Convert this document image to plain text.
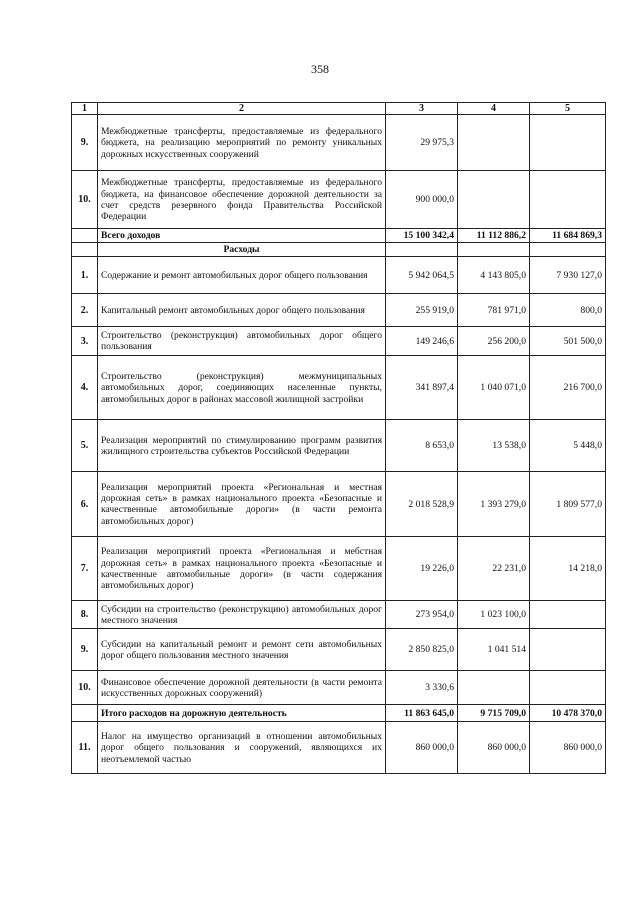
358
1	2	3	4	5
9.	Межбюджетные трансферты, предоставляемые из федерального бюджета, на реализацию мероприятий по ремонту уникальных дорожных искусственных сооружений	29 975,3		
10.	Межбюджетные трансферты, предоставляемые из федерального бюджета, на финансовое обеспечение дорожной деятельности за счет средств резервного фонда Правительства Российской Федерации	900 000,0		
	Всего доходов	15 100 342,4	11 112 886,2	11 684 869,3
	Расходы			
1.	Содержание и ремонт автомобильных дорог общего пользования	5 942 064,5	4 143 805,0	7 930 127,0
2.	Капитальный ремонт автомобильных дорог общего пользования	255 919,0	781 971,0	800,0
3.	Строительство (реконструкция) автомобильных дорог общего пользования	149 246,6	256 200,0	501 500,0
4.	Строительство (реконструкция) межмуниципальных автомобильных дорог, соединяющих населенные пункты, автомобильных дорог в районах массовой жилищной застройки	341 897,4	1 040 071,0	216 700,0
5.	Реализация мероприятий по стимулированию программ развития жилищного строительства субъектов Российской Федерации	8 653,0	13 538,0	5 448,0
6.	Реализация мероприятий проекта «Региональная и местная дорожная сеть» в рамках национального проекта «Безопасные и качественные автомобильные дороги» (в части ремонта автомобильных дорог)	2 018 528,9	1 393 279,0	1 809 577,0
7.	Реализация мероприятий проекта «Региональная и мебстная дорожная сеть» в рамках национального проекта «Безопасные и качественные автомобильные дороги» (в части содержания автомобильных дорог)	19 226,0	22 231,0	14 218,0
8.	Субсидии на строительство (реконструкцию) автомобильных дорог местного значения	273 954,0	1 023 100,0	
9.	Субсидии на капитальный ремонт и ремонт сети автомобильных дорог общего пользования местного значения	2 850 825,0	1 041 514	
10.	Финансовое обеспечение дорожной деятельности (в части ремонта искусственных дорожных сооружений)	3 330,6		
	Итого расходов на дорожную деятельность	11 863 645,0	9 715 709,0	10 478 370,0
11.	Налог на имущество организаций в отношении автомобильных дорог общего пользования и сооружений, являющихся их неотъемлемой частью	860 000,0	860 000,0	860 000,0
